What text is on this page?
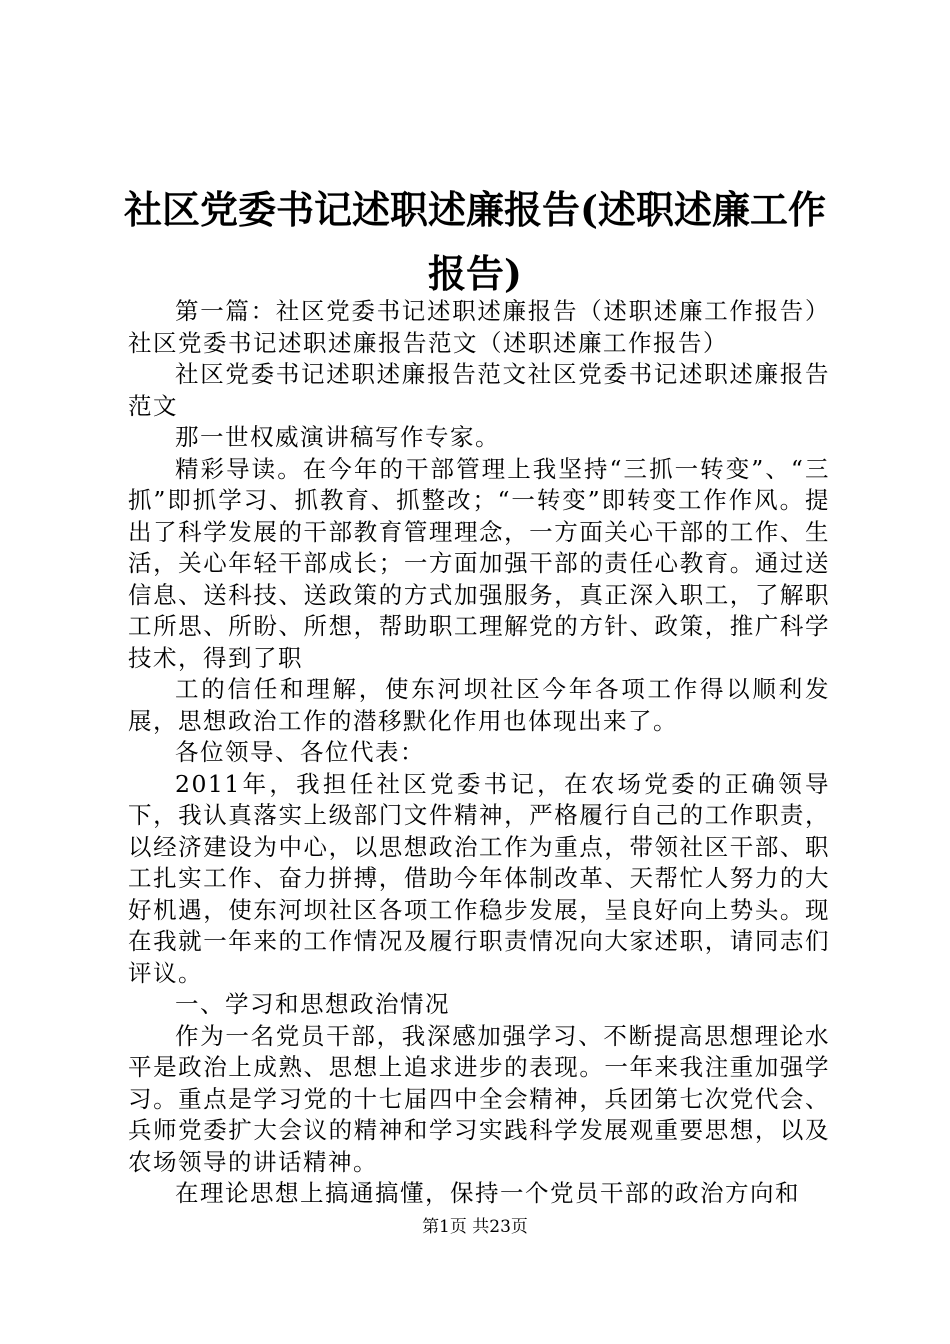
社区党委书记述职述廉报告(述职述廉工作报告)

第一篇：社区党委书记述职述廉报告（述职述廉工作报告）社区党委书记述职述廉报告范文（述职述廉工作报告）

社区党委书记述职述廉报告范文社区党委书记述职述廉报告范文

那一世权威演讲稿写作专家。

精彩导读。在今年的干部管理上我坚持“三抓一转变”、“三抓”即抓学习、抓教育、抓整改；“一转变”即转变工作作风。提出了科学发展的干部教育管理理念，一方面关心干部的工作、生活，关心年轻干部成长；一方面加强干部的责任心教育。通过送信息、送科技、送政策的方式加强服务，真正深入职工，了解职工所思、所盼、所想，帮助职工理解党的方针、政策，推广科学技术，得到了职

工的信任和理解，使东河坝社区今年各项工作得以顺利发展，思想政治工作的潜移默化作用也体现出来了。

各位领导、各位代表：

2011年，我担任社区党委书记，在农场党委的正确领导下，我认真落实上级部门文件精神，严格履行自己的工作职责，以经济建设为中心，以思想政治工作为重点，带领社区干部、职工扎实工作、奋力拼搏，借助今年体制改革、天帮忙人努力的大好机遇，使东河坝社区各项工作稳步发展，呈良好向上势头。现在我就一年来的工作情况及履行职责情况向大家述职，请同志们评议。

一、学习和思想政治情况

作为一名党员干部，我深感加强学习、不断提高思想理论水平是政治上成熟、思想上追求进步的表现。一年来我注重加强学习。重点是学习党的十七届四中全会精神，兵团第七次党代会、兵师党委扩大会议的精神和学习实践科学发展观重要思想，以及农场领导的讲话精神。

在理论思想上搞通搞懂，保持一个党员干部的政治方向和

第1页 共23页
